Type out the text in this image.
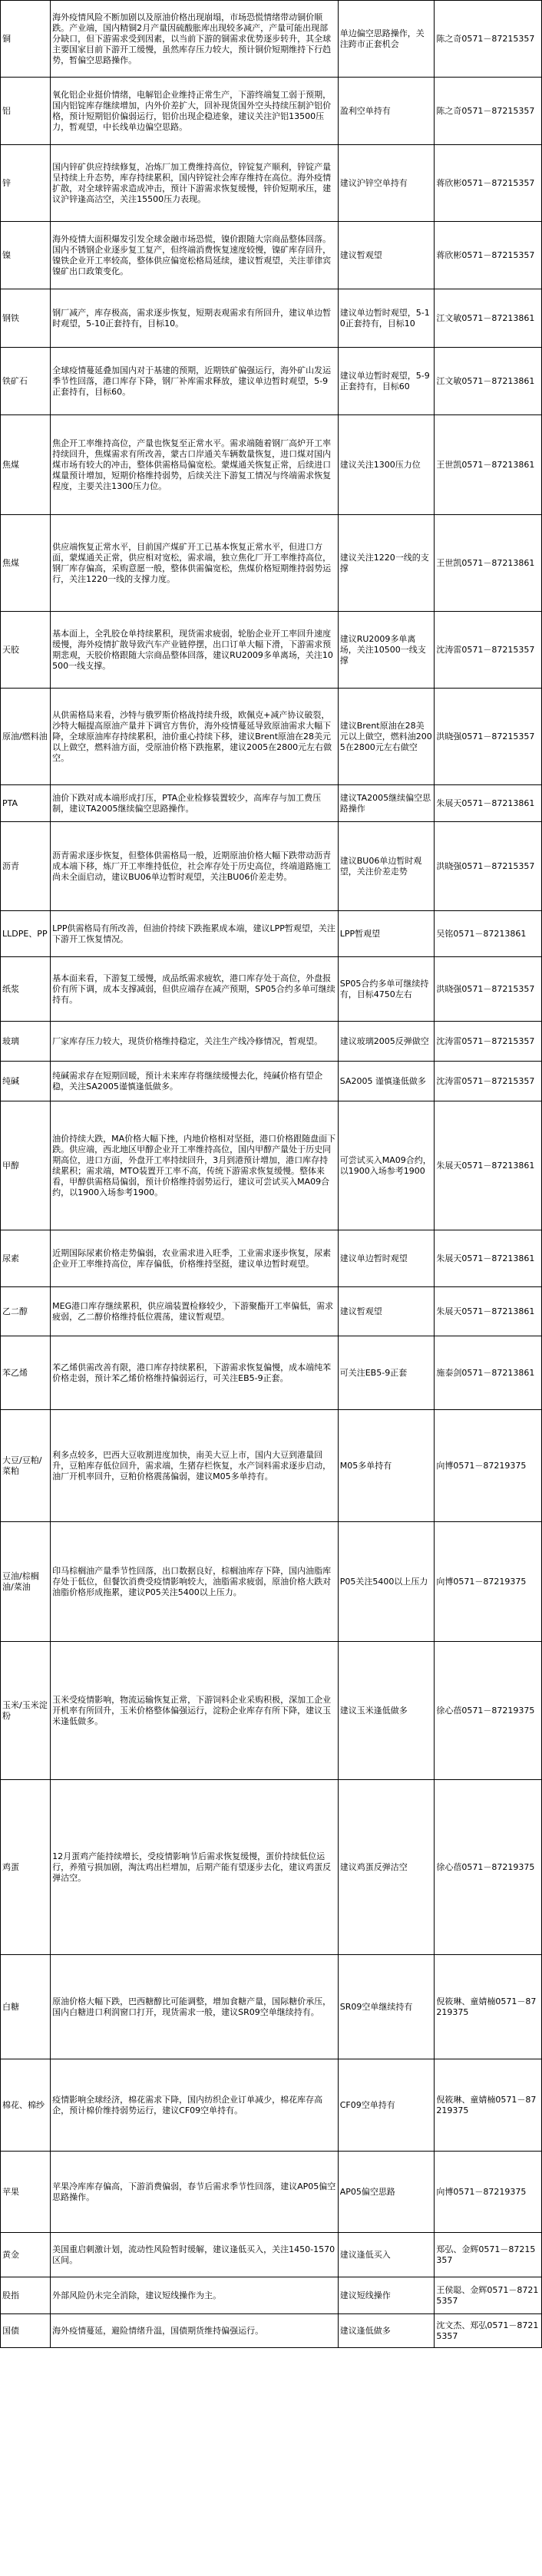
铜	海外疫情风险不断加剧以及原油价格出现崩塌，市场恐慌情绪带动铜价顺跌。产业端，国内精铜2月产量因硫酸胀库出现较多减产，产量可能出现部分缺口，但下游需求受到因素，以当前下游的铜需求优势逐步转升，其全球主要国家目前下游开工缓慢，虽然库存压力较大，预计铜价短期维持下行趋势，暂偏空思路操作。	单边偏空思路操作，关注跨市正套机会	陈之奇0571－87215357
铝	氧化铝企业挺价情绪，电解铝企业维持正常生产，下游终端复工弱于预期，国内铝锭库存继续增加，内外价差扩大，回补现货国外空头持续压制沪铝价格，预计短期铝价偏弱运行，铝价出现企稳迹象，建议关注沪铝13500压力，暂观望，中长线单边偏空思路。	盈利空单持有	陈之奇0571－87215357
锌	国内锌矿供应持续修复，冶炼厂加工费维持高位，锌锭复产顺利，锌锭产量呈持续上升态势，库存持续累积，国内锌锭社会库存维持在高位。海外疫情扩散，对全球锌需求造成冲击，预计下游需求恢复缓慢，锌价短期承压，建议沪锌逢高沽空，关注15500压力表现。	建议沪锌空单持有	蒋欣彬0571－87215357
镍	海外疫情大面积爆发引发全球金融市场恐慌，镍价跟随大宗商品整体回落。国内不锈钢企业逐步复工复产，但终端消费恢复速度较慢，镍矿库存回升，镍铁企业开工率较高，整体供应偏宽松格局延续，建议暂观望，关注菲律宾镍矿出口政策变化。	建议暂观望	蒋欣彬0571－87215357
钢铁	钢厂减产，库存极高，需求逐步恢复，短期表观需求有所回升，建议单边暂时观望，5-10正套持有，目标10。	建议单边暂时观望，5-10正套持有，目标10	江文敏0571－87213861
铁矿石	全球疫情蔓延叠加国内对于基建的预期，近期铁矿偏强运行，海外矿山发运季节性回落，港口库存下降，钢厂补库需求释放，建议单边暂时观望，5-9正套持有，目标60。	建议单边暂时观望，5-9正套持有，目标60	江文敏0571－87213861
焦煤	焦企开工率维持高位，产量也恢复至正常水平。需求端随着钢厂高炉开工率持续回升，焦煤需求有所改善，蒙古口岸通关车辆数量恢复，进口煤对国内煤市场有较大的冲击，整体供需格局偏宽松。蒙煤通关恢复正常，后续进口煤量预计增加，短期价格维持弱势，后续关注下游复工情况与终端需求恢复程度，主要关注1300压力位。	建议关注1300压力位	王世凯0571－87213861
焦煤	供应端恢复正常水平，目前国产煤矿开工已基本恢复正常水平，但进口方面，蒙煤通关正常，供应相对宽松，需求端，独立焦化厂开工率维持高位，钢厂库存偏高，采购意愿一般，整体供需偏宽松，焦煤价格短期维持弱势运行，关注1220一线的支撑力度。	建议关注1220一线的支撑	王世凯0571－87213861
天胶	基本面上，全乳胶仓单持续累积，现货需求疲弱，轮胎企业开工率回升速度缓慢，海外疫情扩散导致汽车产业链停摆，出口订单大幅下滑，下游需求预期悲观，天胶价格跟随大宗商品整体回落，建议RU2009多单离场，关注10500一线支撑。	建议RU2009多单离场，关注10500一线支撑	沈涛雷0571－87215357
原油/燃料油	从供需格局来看，沙特与俄罗斯价格战持续升级，欧佩克+减产协议破裂，沙特大幅提高原油产量并下调官方售价，海外疫情蔓延导致原油需求大幅下降，全球原油库存持续累积，油价重心持续下移，建议Brent原油在28美元以上做空，燃料油方面，受原油价格下跌拖累，建议2005在2800元左右做空。	建议Brent原油在28美元以上做空，燃料油2005在2800元左右做空	洪晓强0571－87215357
PTA	油价下跌对成本端形成打压，PTA企业检修装置较少，高库存与加工费压制，建议TA2005继续偏空思路操作。	建议TA2005继续偏空思路操作	朱展天0571－87213861
沥青	沥青需求逐步恢复，但整体供需格局一般，近期原油价格大幅下跌带动沥青成本端下移，炼厂开工率维持低位，社会库存处于历史高位，终端道路施工尚未全面启动，建议BU06单边暂时观望，关注BU06价差走势。	建议BU06单边暂时观望，关注价差走势	洪晓强0571－87215357
LLDPE、PP	LPP供需格局有所改善，但油价持续下跌拖累成本端，建议LPP暂观望，关注下游开工恢复情况。	LPP暂观望	吴铭0571－87213861
纸浆	基本面来看，下游复工缓慢，成品纸需求疲软，港口库存处于高位，外盘报价有所下调，成本支撑减弱，但供应端存在减产预期，SP05合约多单可继续持有。	SP05合约多单可继续持有，目标4750左右	洪晓强0571－87215357
玻璃	厂家库存压力较大，现货价格维持稳定，关注生产线冷修情况，暂观望。	建议玻璃2005反弹做空	沈涛雷0571－87215357
纯碱	纯碱需求存在短期回暖，预计未来库存将继续缓慢去化，纯碱价格有望企稳，关注SA2005谨慎逢低做多。	SA2005 谨慎逢低做多	沈涛雷0571－87215357
甲醇	油价持续大跌，MA价格大幅下挫，内地价格相对坚挺，港口价格跟随盘面下跌。供应端，西北地区甲醇企业开工率维持高位，国内甲醇产量处于历史同期高位，进口方面，外盘开工率持续回升，3月到港预计增加，港口库存持续累积；需求端，MTO装置开工率不高，传统下游需求恢复缓慢。整体来看，甲醇供需格局偏弱，预计价格维持弱势运行，建议可尝试买入MA09合约，以1900入场参考1900。	可尝试买入MA09合约，以1900入场参考1900	朱展天0571－87213861
尿素	近期国际尿素价格走势偏弱，农业需求进入旺季，工业需求逐步恢复，尿素企业开工率维持高位，库存偏低，价格维持坚挺，建议单边暂时观望。	建议单边暂时观望	朱展天0571－87213861
乙二醇	MEG港口库存继续累积，供应端装置检修较少，下游聚酯开工率偏低，需求疲弱，乙二醇价格维持低位震荡，建议暂观望。	建议暂观望	朱展天0571－87213861
苯乙烯	苯乙烯供需改善有限，港口库存持续累积，下游需求恢复偏慢，成本端纯苯价格走弱，预计苯乙烯价格维持偏弱运行，可关注EB5-9正套。	可关注EB5-9正套	施泰剑0571－87213861
大豆/豆粕/菜粕	利多点较多，巴西大豆收割进度加快，南美大豆上市，国内大豆到港量回升，豆粕库存低位回升，需求端，生猪存栏恢复，水产饲料需求逐步启动，油厂开机率回升，豆粕价格震荡偏弱，建议M05多单持有。	M05多单持有	向博0571－87219375
豆油/棕榈油/菜油	印马棕榈油产量季节性回落，出口数据良好，棕榈油库存下降，国内油脂库存处于低位，但餐饮消费受疫情影响较大，油脂需求疲弱，原油价格大跌对油脂价格形成拖累，建议P05关注5400以上压力。	P05关注5400以上压力	向博0571－87219375
玉米/玉米淀粉	玉米受疫情影响，物流运输恢复正常，下游饲料企业采购积极，深加工企业开机率有所回升，玉米价格整体偏强运行，淀粉企业库存有所下降，建议玉米逢低做多。	建议玉米逢低做多	徐心蓓0571－87219375
鸡蛋	12月蛋鸡产能持续增长，受疫情影响节后需求恢复缓慢，蛋价持续低位运行，养殖亏损加剧，淘汰鸡出栏增加，后期产能有望逐步去化，建议鸡蛋反弹沽空。	建议鸡蛋反弹沽空	徐心蓓0571－87219375
白糖	原油价格大幅下跌，巴西糖醇比可能调整，增加食糖产量，国际糖价承压，国内白糖进口利润窗口打开，现货需求一般，建议SR09空单继续持有。	SR09空单继续持有	倪筱琳、童婧楠0571－87219375
棉花、棉纱	疫情影响全球经济，棉花需求下降，国内纺织企业订单减少，棉花库存高企，预计棉价维持弱势运行，建议CF09空单持有。	CF09空单持有	倪筱琳、童婧楠0571－87219375
苹果	苹果冷库库存偏高，下游消费偏弱，春节后需求季节性回落，建议AP05偏空思路操作。	AP05偏空思路	向博0571－87219375
黄金	美国重启刺激计划，流动性风险暂时缓解，建议逢低买入，关注1450-1570区间。	建议逢低买入	郑弘、金辉0571－87215357
股指	外部风险仍未完全消除，建议短线操作为主。	建议短线操作	王侯聪、金辉0571－87215357
国债	海外疫情蔓延，避险情绪升温，国债期货维持偏强运行。	建议逢低做多	沈文杰、郑弘0571－87215357
